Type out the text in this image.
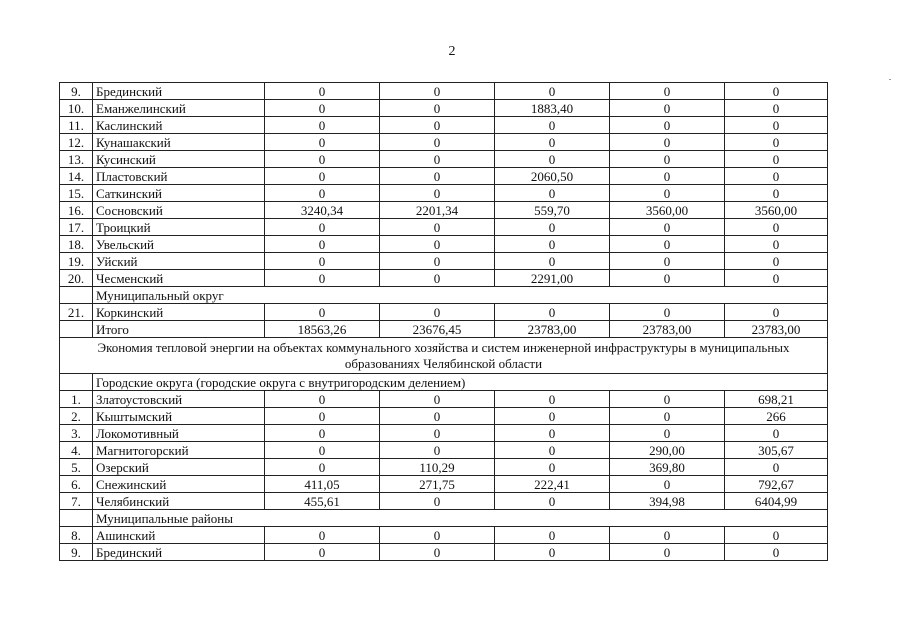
2
9.	Брединский	0	0	0	0	0
10.	Еманжелинский	0	0	1883,40	0	0
11.	Каслинский	0	0	0	0	0
12.	Кунашакский	0	0	0	0	0
13.	Кусинский	0	0	0	0	0
14.	Пластовский	0	0	2060,50	0	0
15.	Саткинский	0	0	0	0	0
16.	Сосновский	3240,34	2201,34	559,70	3560,00	3560,00
17.	Троицкий	0	0	0	0	0
18.	Увельский	0	0	0	0	0
19.	Уйский	0	0	0	0	0
20.	Чесменский	0	0	2291,00	0	0
	Муниципальный округ					
21.	Коркинский	0	0	0	0	0
	Итого	18563,26	23676,45	23783,00	23783,00	23783,00
Экономия тепловой энергии на объектах коммунального хозяйства и систем инженерной инфраструктуры в муниципальных образованиях Челябинской области						
	Городские округа (городские округа с внутригородским делением)					
1.	Златоустовский	0	0	0	0	698,21
2.	Кыштымский	0	0	0	0	266
3.	Локомотивный	0	0	0	0	0
4.	Магнитогорский	0	0	0	290,00	305,67
5.	Озерский	0	110,29	0	369,80	0
6.	Снежинский	411,05	271,75	222,41	0	792,67
7.	Челябинский	455,61	0	0	394,98	6404,99
	Муниципальные районы					
8.	Ашинский	0	0	0	0	0
9.	Брединский	0	0	0	0	0
